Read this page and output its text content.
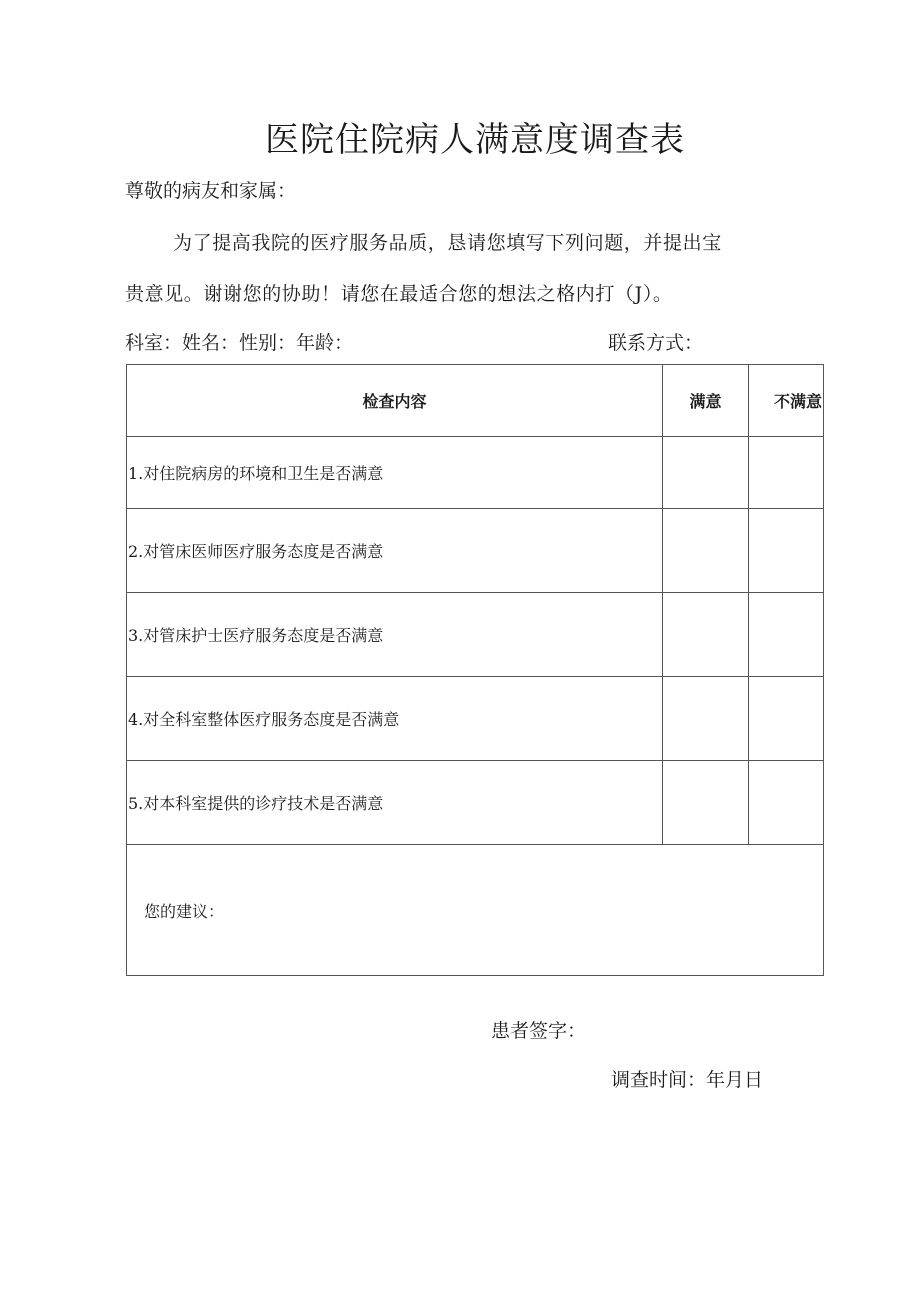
医院住院病人满意度调查表
尊敬的病友和家属：
为了提高我院的医疗服务品质，恳请您填写下列问题，并提出宝
贵意见。谢谢您的协助！请您在最适合您的想法之格内打（J）。
科室：姓名：性别：年龄：	联系方式：
检查内容	满意	不满意
1.对住院病房的环境和卫生是否满意		
2.对管床医师医疗服务态度是否满意		
3.对管床护士医疗服务态度是否满意		
4.对全科室整体医疗服务态度是否满意		
5.对本科室提供的诊疗技术是否满意		
您的建议：		
患者签字：
调查时间：年月日
